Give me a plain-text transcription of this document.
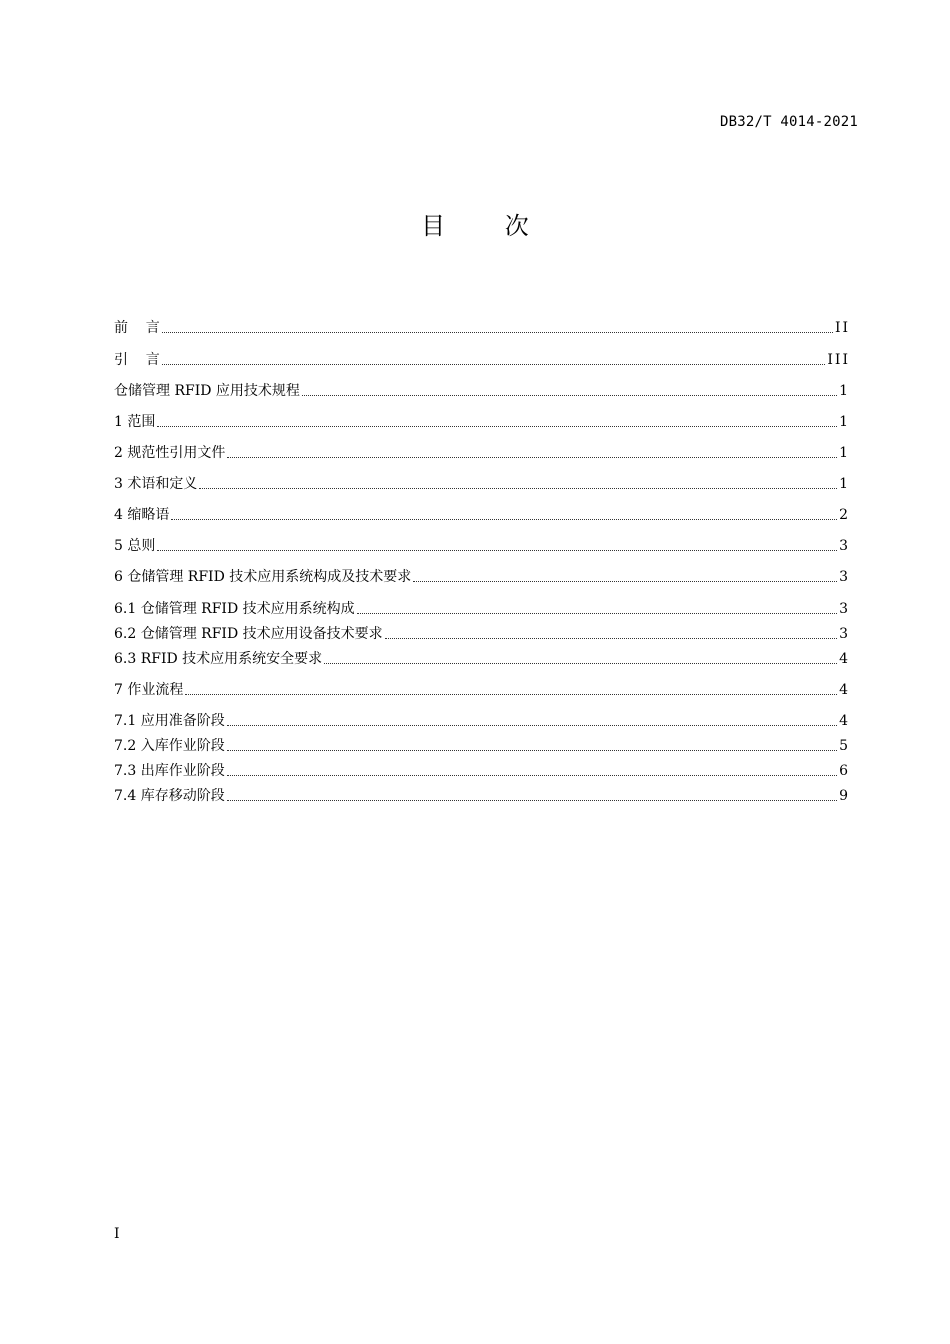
DB32/T 4014-2021
目 次
前    言	II
引    言	III
仓储管理 RFID 应用技术规程	1
1 范围	1
2 规范性引用文件	1
3 术语和定义	1
4 缩略语	2
5 总则	3
6 仓储管理 RFID 技术应用系统构成及技术要求	3
6.1 仓储管理 RFID 技术应用系统构成	3
6.2 仓储管理 RFID 技术应用设备技术要求	3
6.3 RFID 技术应用系统安全要求	4
7 作业流程	4
7.1 应用准备阶段	4
7.2 入库作业阶段	5
7.3 出库作业阶段	6
7.4 库存移动阶段	9
I
